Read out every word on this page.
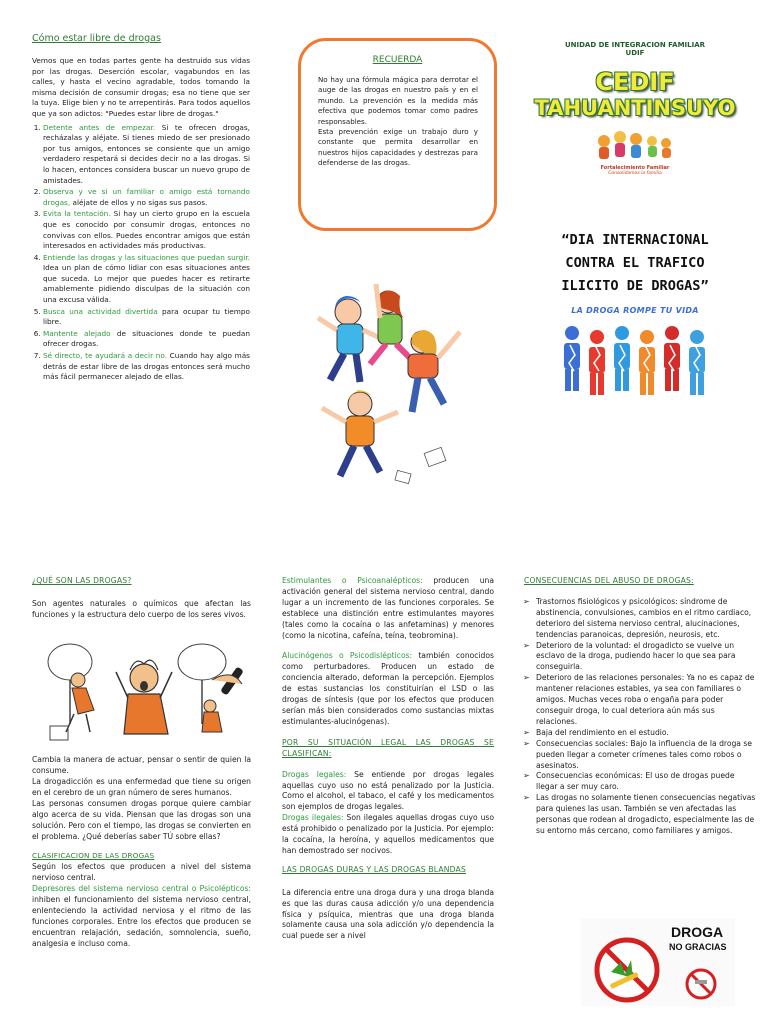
Cómo estar libre de drogas
Vemos que en todas partes gente ha destruido sus vidas por las drogas. Deserción escolar, vagabundos en las calles, y hasta el vecino agradable, todos tomando la misma decisión de consumir drogas; esa no tiene que ser la tuya. Elige bien y no te arrepentirás. Para todos aquellos que ya son adictos: "Puedes estar libre de drogas."
1. Detente antes de empezar. Si te ofrecen drogas, recházalas y aléjate. Si tienes miedo de ser presionado por tus amigos, entonces se consiente que un amigo verdadero respetará si decides decir no a las drogas. Si lo hacen, entonces considera buscar un nuevo grupo de amistades.
2. Observa y ve si un familiar o amigo está tomando drogas, aléjate de ellos y no sigas sus pasos.
3. Evita la tentación. Si hay un cierto grupo en la escuela que es conocido por consumir drogas, entonces no convivas con ellos. Puedes encontrar amigos que están interesados en actividades más productivas.
4. Entiende las drogas y las situaciones que puedan surgir. Idea un plan de cómo lidiar con esas situaciones antes que suceda. Lo mejor que puedes hacer es retirarte amablemente pidiendo disculpas de la situación con una excusa válida.
5. Busca una actividad divertida para ocupar tu tiempo libre.
6. Mantente alejado de situaciones donde te puedan ofrecer drogas.
7. Sé directo, te ayudará a decir no. Cuando hay algo más detrás de estar libre de las drogas entonces será mucho más fácil permanecer alejado de ellas.
RECUERDA
No hay una fórmula mágica para derrotar el auge de las drogas en nuestro país y en el mundo. La prevención es la medida más efectiva que podemos tomar como padres responsables.
Esta prevención exige un trabajo duro y constante que permita desarrollar en nuestros hijos capacidades y destrezas para defenderse de las drogas.
UNIDAD DE INTEGRACION FAMILIAR
UDIF
CEDIF
TAHUANTINSUYO
Fortalecimiento Familiar
Consolidamos la familia
“DIA INTERNACIONAL CONTRA EL TRAFICO ILICITO DE DROGAS”
LA DROGA ROMPE TU VIDA
¿QUÉ SON LAS DROGAS?
Son agentes naturales o químicos que afectan las funciones y la estructura delo cuerpo de los seres vivos.
Cambia la manera de actuar, pensar o sentir de quien la consume.
La drogadicción es una enfermedad que tiene su origen en el cerebro de un gran número de seres humanos.
Las personas consumen drogas porque quiere cambiar algo acerca de su vida. Piensan que las drogas son una solución. Pero con el tiempo, las drogas se convierten en el problema. ¿Qué deberías saber TÚ sobre ellas?
CLASIFICACION DE LAS DROGAS
Según los efectos que producen a nivel del sistema nervioso central.
Depresores del sistema nervioso central o Psicolépticos: inhiben el funcionamiento del sistema nervioso central, enlenteciendo la actividad nerviosa y el ritmo de las funciones corporales. Entre los efectos que producen se encuentran relajación, sedación, somnolencia, sueño, analgesia e incluso coma.
Estimulantes o Psicoanalépticos: producen una activación general del sistema nervioso central, dando lugar a un incremento de las funciones corporales. Se establece una distinción entre estimulantes mayores (tales como la cocaína o las anfetaminas) y menores (como la nicotina, cafeína, teína, teobromina).
Alucinógenos o Psicodislépticos: también conocidos como perturbadores. Producen un estado de conciencia alterado, deforman la percepción. Ejemplos de estas sustancias los constituirían el LSD o las drogas de síntesis (que por los efectos que producen serían más bien considerados como sustancias mixtas estimulantes-alucinógenas).
POR SU SITUACIÓN LEGAL LAS DROGAS SE CLASIFICAN:
Drogas legales: Se entiende por drogas legales aquellas cuyo uso no está penalizado por la Justicia. Como el alcohol, el tabaco, el café y los medicamentos son ejemplos de drogas legales.
Drogas ilegales: Son ilegales aquellas drogas cuyo uso está prohibido o penalizado por la Justicia. Por ejemplo: la cocaína, la heroína, y aquellos medicamentos que han demostrado ser nocivos.
LAS DROGAS DURAS Y LAS DROGAS BLANDAS
La diferencia entre una droga dura y una droga blanda es que las duras causa adicción y/o una dependencia física y psíquica, mientras que una droga blanda solamente causa una sola adicción y/o dependencia la cual puede ser a nivel
CONSECUENCIAS DEL ABUSO DE DROGAS:
➢ Trastornos fisiológicos y psicológicos: síndrome de abstinencia, convulsiones, cambios en el ritmo cardiaco, deterioro del sistema nervioso central, alucinaciones, tendencias paranoicas, depresión, neurosis, etc.
➢ Deterioro de la voluntad: el drogadicto se vuelve un esclavo de la droga, pudiendo hacer lo que sea para conseguirla.
➢ Deterioro de las relaciones personales: Ya no es capaz de mantener relaciones estables, ya sea con familiares o amigos. Muchas veces roba o engaña para poder conseguir droga, lo cual deteriora aún más sus relaciones.
➢ Baja del rendimiento en el estudio.
➢ Consecuencias sociales: Bajo la influencia de la droga se pueden llegar a cometer crímenes tales como robos o asesinatos.
➢ Consecuencias económicas: El uso de drogas puede llegar a ser muy caro.
➢ Las drogas no solamente tienen consecuencias negativas para quienes las usan. También se ven afectadas las personas que rodean al drogadicto, especialmente las de su entorno más cercano, como familiares y amigos.
DROGA
NO GRACIAS
